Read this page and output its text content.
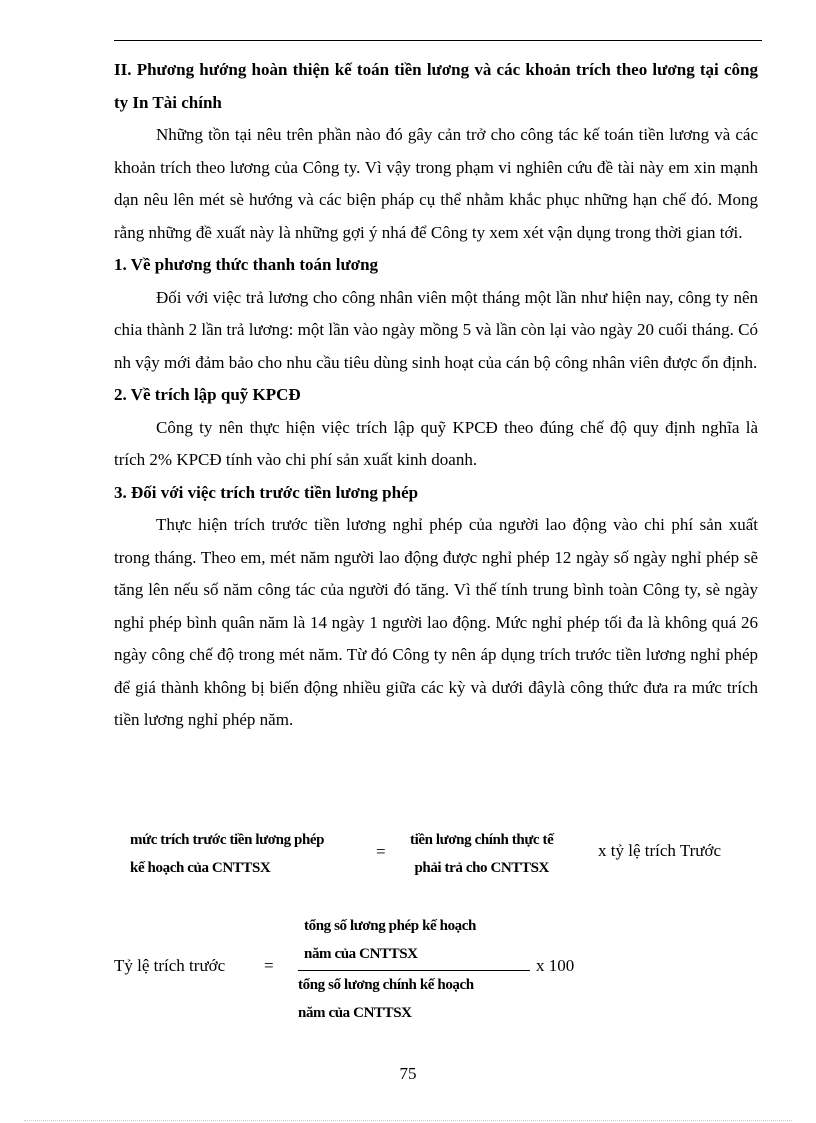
II. Phương hướng hoàn thiện kế toán tiền lương và các khoản trích theo lương tại công ty In Tài chính

Những tồn tại nêu trên phần nào đó gây cản trở cho công tác kế toán tiền lương và các khoản trích theo lương của Công ty. Vì vậy trong phạm vi nghiên cứu đề tài này em xin mạnh dạn nêu lên mét sè hướng và các biện pháp cụ thể nhằm khắc phục những hạn chế đó. Mong rằng những đề xuất này là những gợi ý nhá để Công ty xem xét vận dụng trong thời gian tới.

1. Về phương thức thanh toán lương

Đối với việc trả lương cho công nhân viên một tháng một lần như hiện nay, công ty nên chia thành 2 lần trả lương: một lần vào ngày mồng 5 và lần còn lại vào ngày 20 cuối tháng. Có nh vậy mới đảm bảo cho nhu cầu tiêu dùng sinh hoạt của cán bộ công nhân viên được ổn định.

2. Về trích lập quỹ KPCĐ

Công ty nên thực hiện việc trích lập quỹ KPCĐ theo đúng chế độ quy định nghĩa là trích 2% KPCĐ tính vào chi phí sản xuất kinh doanh.

3. Đối với việc trích trước tiền lương phép

Thực hiện trích trước tiền lương nghỉ phép của người lao động vào chi phí sản xuất trong tháng. Theo em, mét năm người lao động được nghỉ phép 12 ngày số ngày nghỉ phép sẽ tăng lên nếu số năm công tác của người đó tăng. Vì thế tính trung bình toàn Công ty, sè ngày nghỉ phép bình quân năm là 14 ngày 1 người lao động. Mức nghỉ phép tối đa là không quá 26 ngày công chế độ trong mét năm. Từ đó Công ty nên áp dụng trích trước tiền lương nghỉ phép để giá thành không bị biến động nhiều giữa các kỳ và dưới đâylà công thức đưa ra mức trích tiền lương nghỉ phép năm.

mức trích trước tiền lương phép
kế hoạch của CNTTSX
=
tiền lương chính thực tế
phải trả cho CNTTSX
x tỷ lệ trích Trước
Tỷ lệ trích trước =
tổng số lương phép kế hoạch
năm của CNTTSX
tổng số lương chính kế hoạch
năm của CNTTSX
x 100
75
